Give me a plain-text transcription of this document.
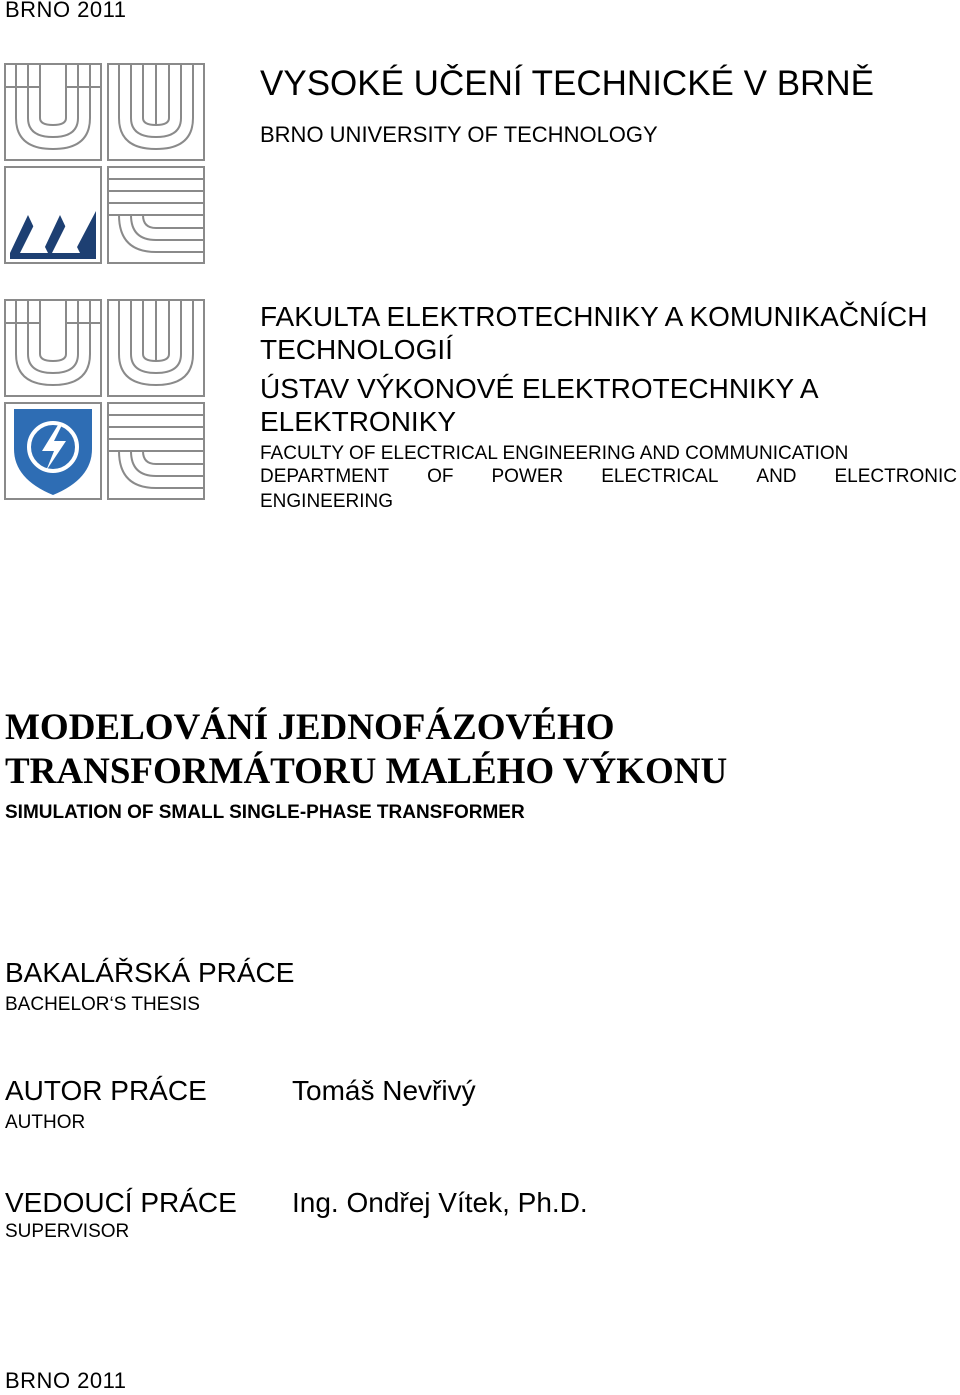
BRNO 2011
VYSOKÉ UČENÍ TECHNICKÉ V BRNĚ
BRNO UNIVERSITY OF TECHNOLOGY
FAKULTA ELEKTROTECHNIKY A KOMUNIKAČNÍCH TECHNOLOGIÍ
ÚSTAV VÝKONOVÉ ELEKTROTECHNIKY A ELEKTRONIKY
FACULTY OF ELECTRICAL ENGINEERING AND COMMUNICATION
DEPARTMENT OF POWER ELECTRICAL AND ELECTRONIC
ENGINEERING
MODELOVÁNÍ JEDNOFÁZOVÉHO TRANSFORMÁTORU MALÉHO VÝKONU
SIMULATION OF SMALL SINGLE-PHASE TRANSFORMER
BAKALÁŘSKÁ PRÁCE
BACHELOR‘S THESIS
AUTOR PRÁCE
AUTHOR
Tomáš Nevřivý
VEDOUCÍ PRÁCE
SUPERVISOR
Ing. Ondřej Vítek, Ph.D.
BRNO 2011
